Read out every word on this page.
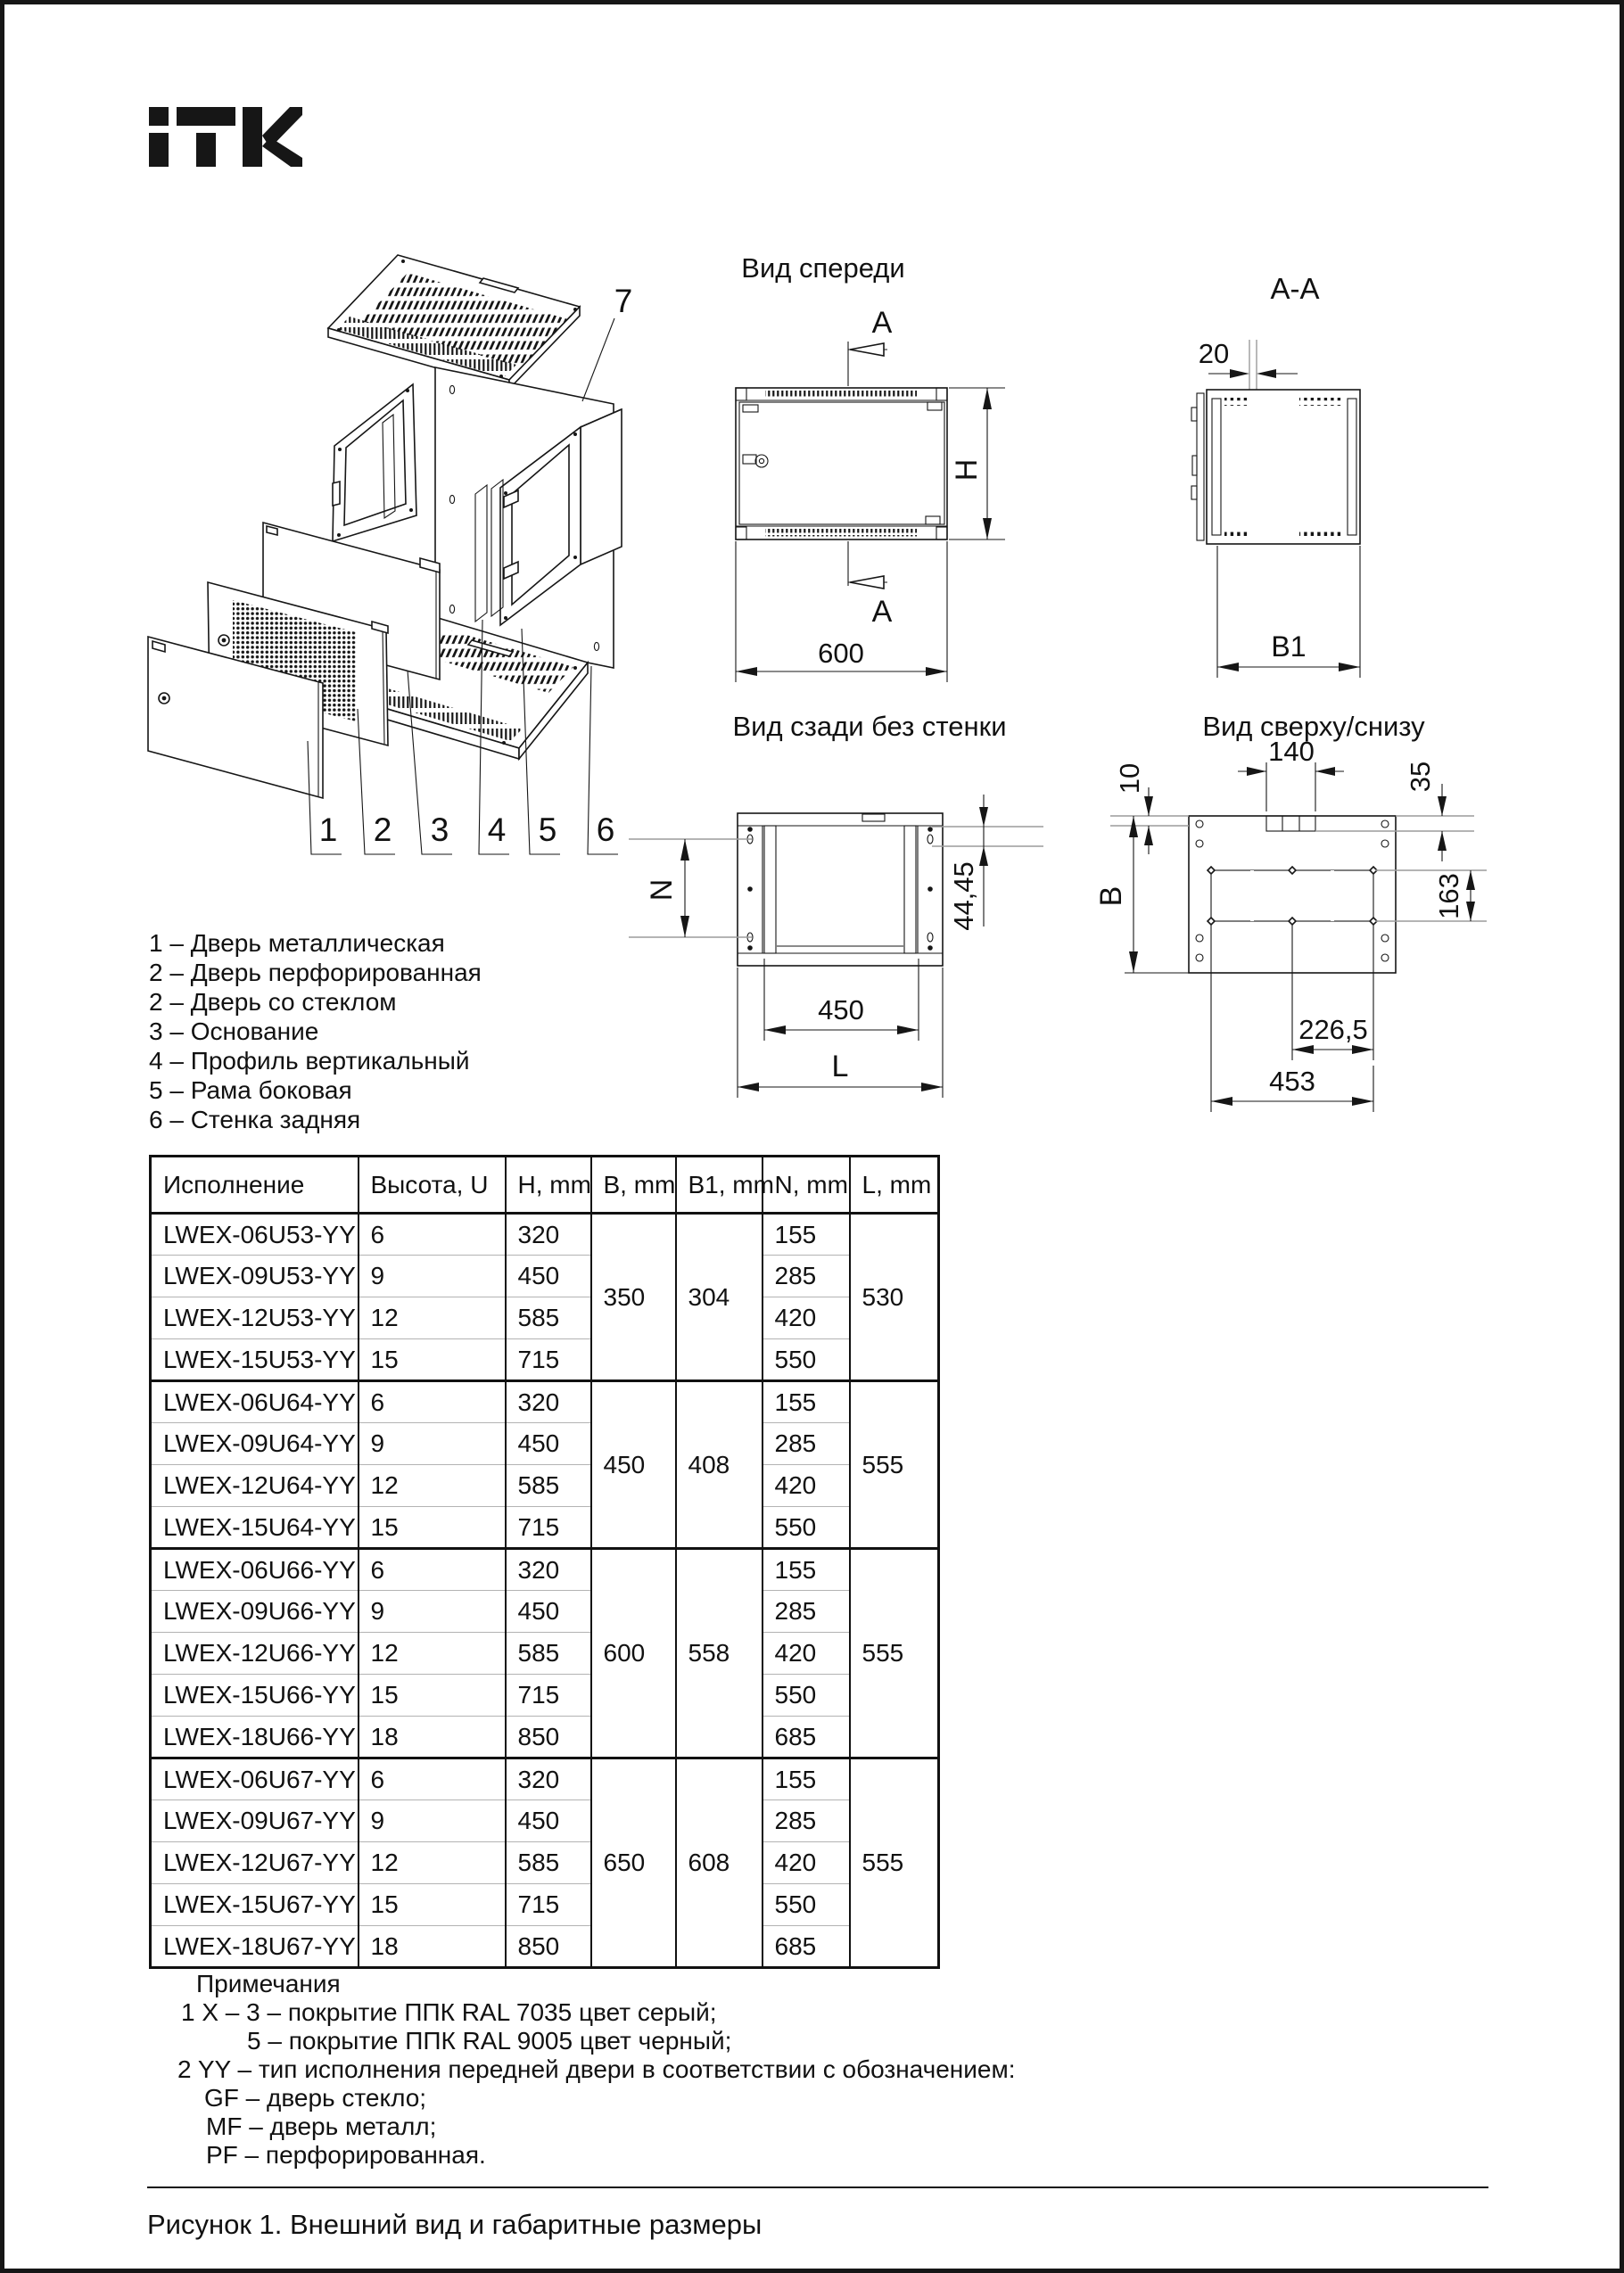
1 2 3 4 5 6
7
Вид спереди
A
H
A
600
A-A
20
B1
Вид сзади без стенки
44,45
N
450
L
Вид сверху/снизу
10
140
35
B	163
226,5
453
1 – Дверь металлическая
2 – Дверь перфорированная
2 – Дверь со стеклом
3 – Основание
4 – Профиль вертикальный
5 – Рама боковая
6 – Стенка задняя
Исполнение	Высота, U	H, mm	B, mm	B1, mm	N, mm	L, mm
LWEX-06U53-YY	6	320	350	304	155	530
LWEX-09U53-YY	9	450			285	
LWEX-12U53-YY	12	585			420	
LWEX-15U53-YY	15	715			550	
LWEX-06U64-YY	6	320	450	408	155	555
LWEX-09U64-YY	9	450			285	
LWEX-12U64-YY	12	585			420	
LWEX-15U64-YY	15	715			550	
LWEX-06U66-YY	6	320	600	558	155	555
LWEX-09U66-YY	9	450			285	
LWEX-12U66-YY	12	585			420	
LWEX-15U66-YY	15	715			550	
LWEX-18U66-YY	18	850			685	
LWEX-06U67-YY	6	320	650	608	155	555
LWEX-09U67-YY	9	450			285	
LWEX-12U67-YY	12	585			420	
LWEX-15U67-YY	15	715			550	
LWEX-18U67-YY	18	850			685	
Примечания
1 X – 3 – покрытие ППК RAL 7035 цвет серый;
5 – покрытие ППК RAL 9005 цвет черный;
2 YY – тип исполнения передней двери в соответствии с обозначением:
GF – дверь стекло;
MF – дверь металл;
PF – перфорированная.
Рисунок 1. Внешний вид и габаритные размеры
